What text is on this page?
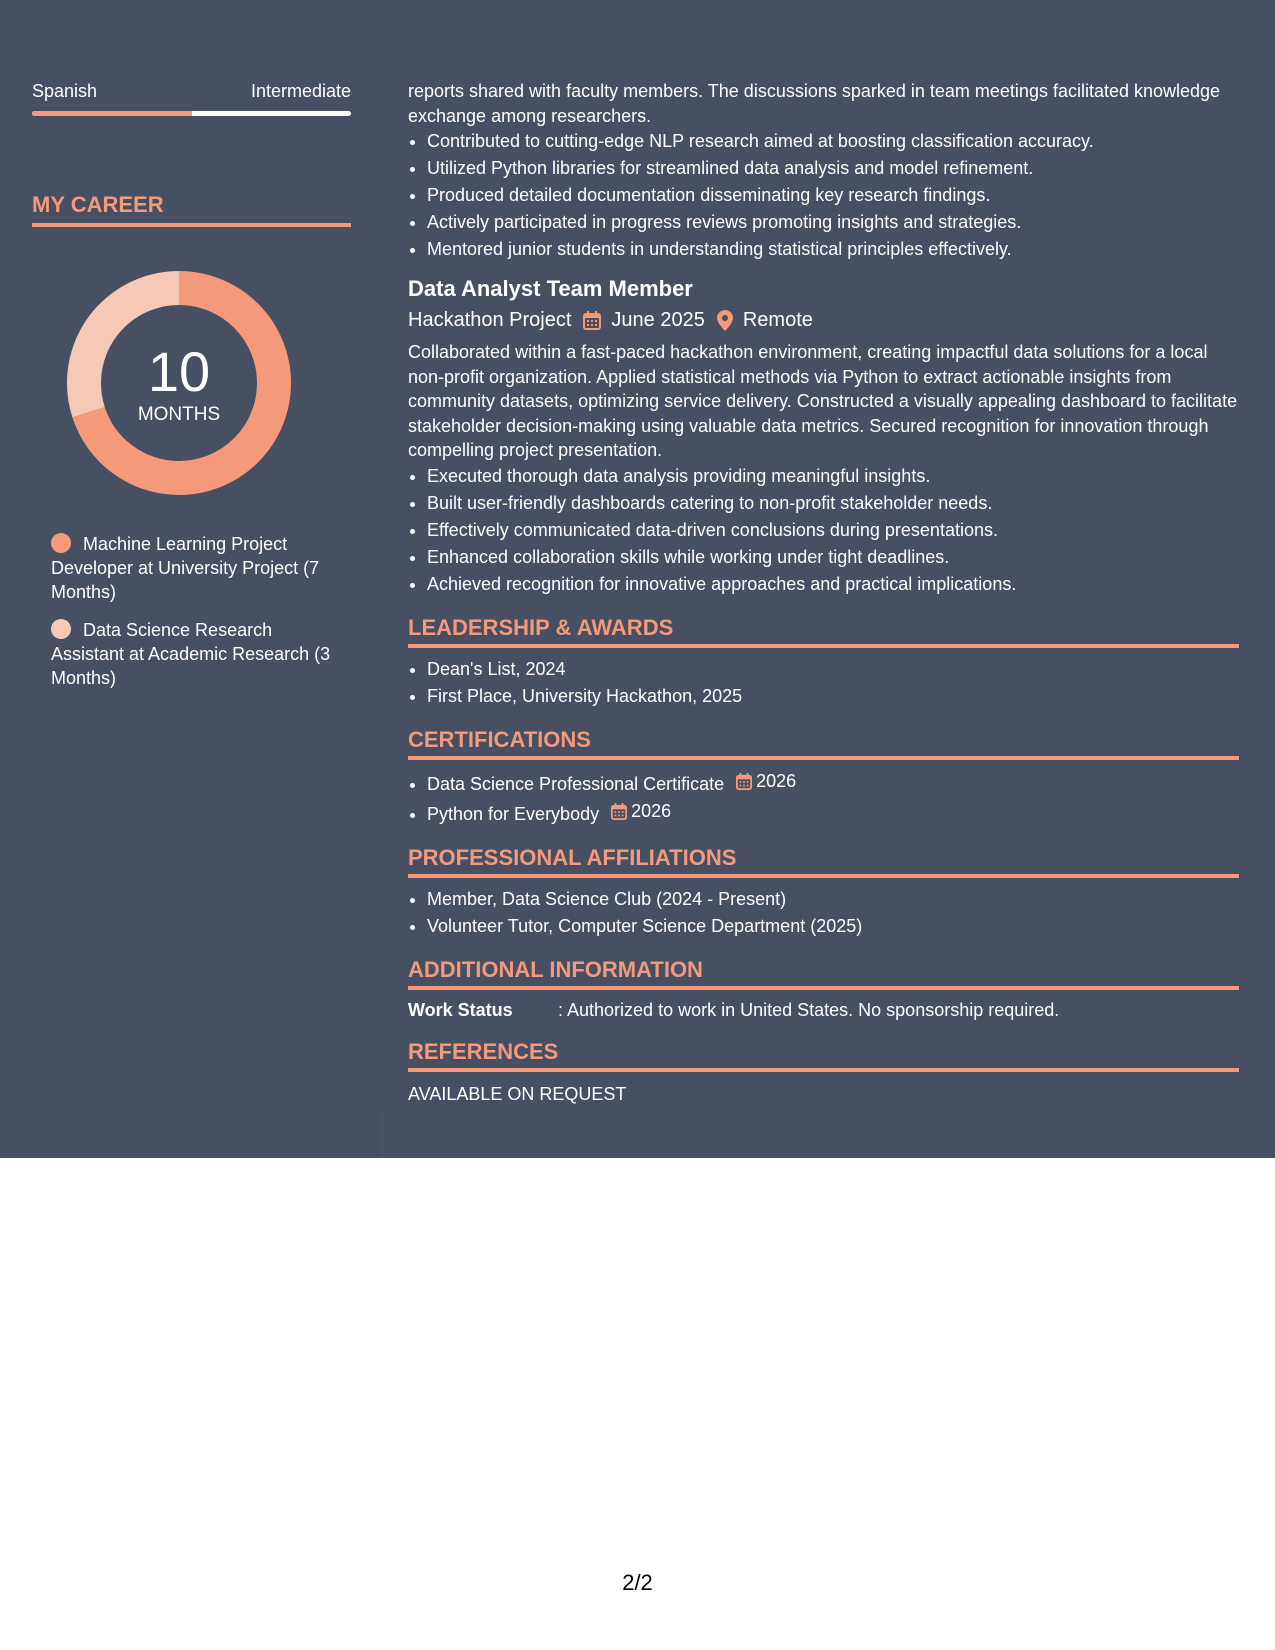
Spanish	Intermediate
MY CAREER
10
MONTHS
Machine Learning Project Developer at University Project (7 Months)
Data Science Research Assistant at Academic Research (3 Months)

reports shared with faculty members. The discussions sparked in team meetings facilitated knowledge exchange among researchers.

• Contributed to cutting-edge NLP research aimed at boosting classification accuracy.
• Utilized Python libraries for streamlined data analysis and model refinement.
• Produced detailed documentation disseminating key research findings.
• Actively participated in progress reviews promoting insights and strategies.
• Mentored junior students in understanding statistical principles effectively.
Data Analyst Team Member
Hackathon Project June 2025 Remote

Collaborated within a fast-paced hackathon environment, creating impactful data solutions for a local non-profit organization. Applied statistical methods via Python to extract actionable insights from community datasets, optimizing service delivery. Constructed a visually appealing dashboard to facilitate stakeholder decision-making using valuable data metrics. Secured recognition for innovation through compelling project presentation.

• Executed thorough data analysis providing meaningful insights.
• Built user-friendly dashboards catering to non-profit stakeholder needs.
• Effectively communicated data-driven conclusions during presentations.
• Enhanced collaboration skills while working under tight deadlines.
• Achieved recognition for innovative approaches and practical implications.
LEADERSHIP & AWARDS
• Dean's List, 2024
• First Place, University Hackathon, 2025
CERTIFICATIONS
• Data Science Professional Certificate 2026
• Python for Everybody 2026
PROFESSIONAL AFFILIATIONS
• Member, Data Science Club (2024 - Present)
• Volunteer Tutor, Computer Science Department (2025)
ADDITIONAL INFORMATION
Work Status	: Authorized to work in United States. No sponsorship required.
REFERENCES
AVAILABLE ON REQUEST
2/2
